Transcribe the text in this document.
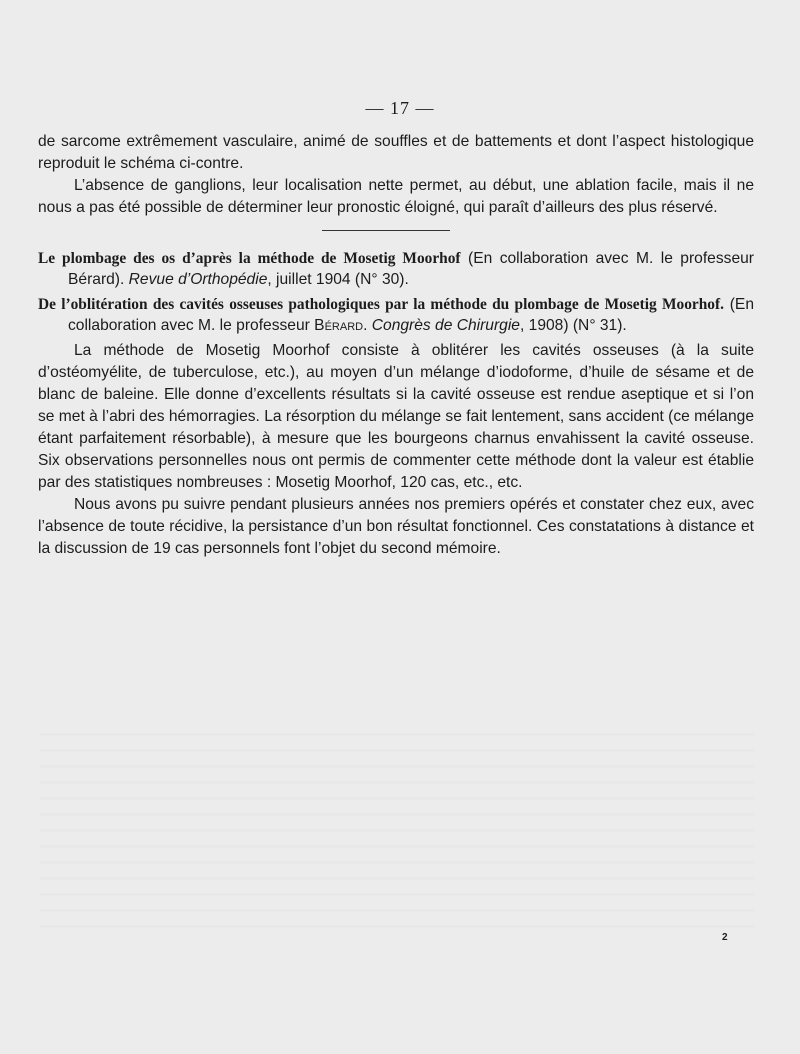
— 17 —

de sarcome extrêmement vasculaire, animé de souffles et de battements et dont l’aspect histologique reproduit le schéma ci-contre.

L’absence de ganglions, leur localisation nette permet, au début, une ablation facile, mais il ne nous a pas été possible de déterminer leur pronostic éloigné, qui paraît d’ailleurs des plus réservé.

Le plombage des os d’après la méthode de Mosetig Moorhof (En collaboration avec M. le professeur Bérard). Revue d’Orthopédie, juillet 1904 (N° 30).

De l’oblitération des cavités osseuses pathologiques par la méthode du plombage de Mosetig Moorhof. (En collaboration avec M. le professeur Bérard. Congrès de Chirurgie, 1908) (N° 31).

La méthode de Mosetig Moorhof consiste à oblitérer les cavités osseuses (à la suite d’ostéomyélite, de tuberculose, etc.), au moyen d’un mélange d’iodoforme, d’huile de sésame et de blanc de baleine. Elle donne d’excellents résultats si la cavité osseuse est rendue aseptique et si l’on se met à l’abri des hémorragies. La résorption du mélange se fait lentement, sans accident (ce mélange étant parfaitement résorbable), à mesure que les bourgeons charnus envahissent la cavité osseuse. Six observations personnelles nous ont permis de commenter cette méthode dont la valeur est établie par des statistiques nombreuses : Mosetig Moorhof, 120 cas, etc., etc.

Nous avons pu suivre pendant plusieurs années nos premiers opérés et constater chez eux, avec l’absence de toute récidive, la persistance d’un bon résultat fonctionnel. Ces constatations à distance et la discussion de 19 cas personnels font l’objet du second mémoire.

2
